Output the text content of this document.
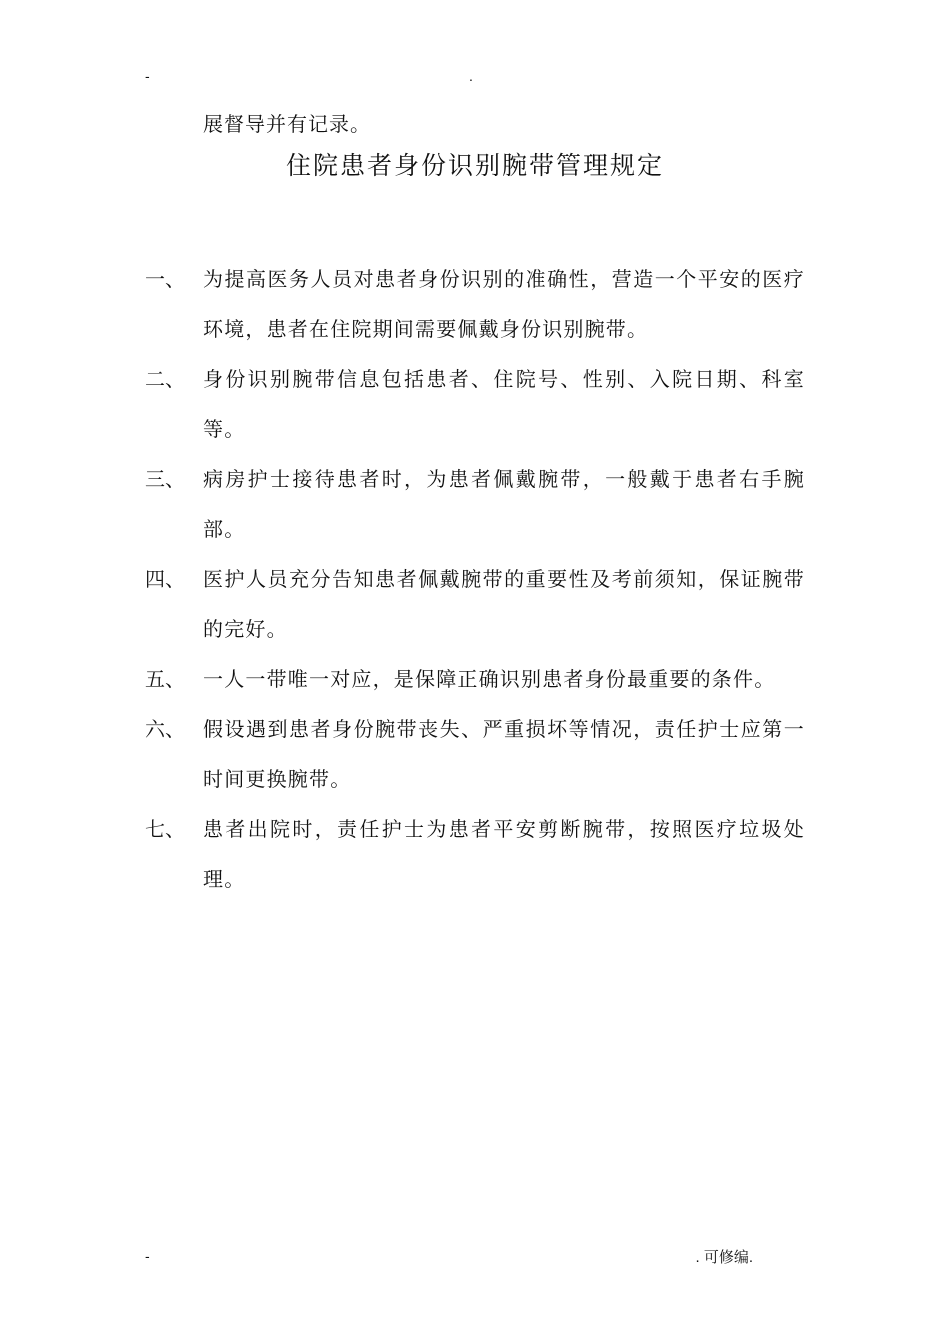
-	.
展督导并有记录。
住院患者身份识别腕带管理规定
一、 为提高医务人员对患者身份识别的准确性，营造一个平安的医疗环境，患者在住院期间需要佩戴身份识别腕带。
二、 身份识别腕带信息包括患者、住院号、性别、入院日期、科室等。
三、 病房护士接待患者时，为患者佩戴腕带，一般戴于患者右手腕部。
四、 医护人员充分告知患者佩戴腕带的重要性及考前须知，保证腕带的完好。
五、 一人一带唯一对应，是保障正确识别患者身份最重要的条件。
六、 假设遇到患者身份腕带丧失、严重损坏等情况，责任护士应第一时间更换腕带。
七、 患者出院时，责任护士为患者平安剪断腕带，按照医疗垃圾处理。
-	. 可修编.
